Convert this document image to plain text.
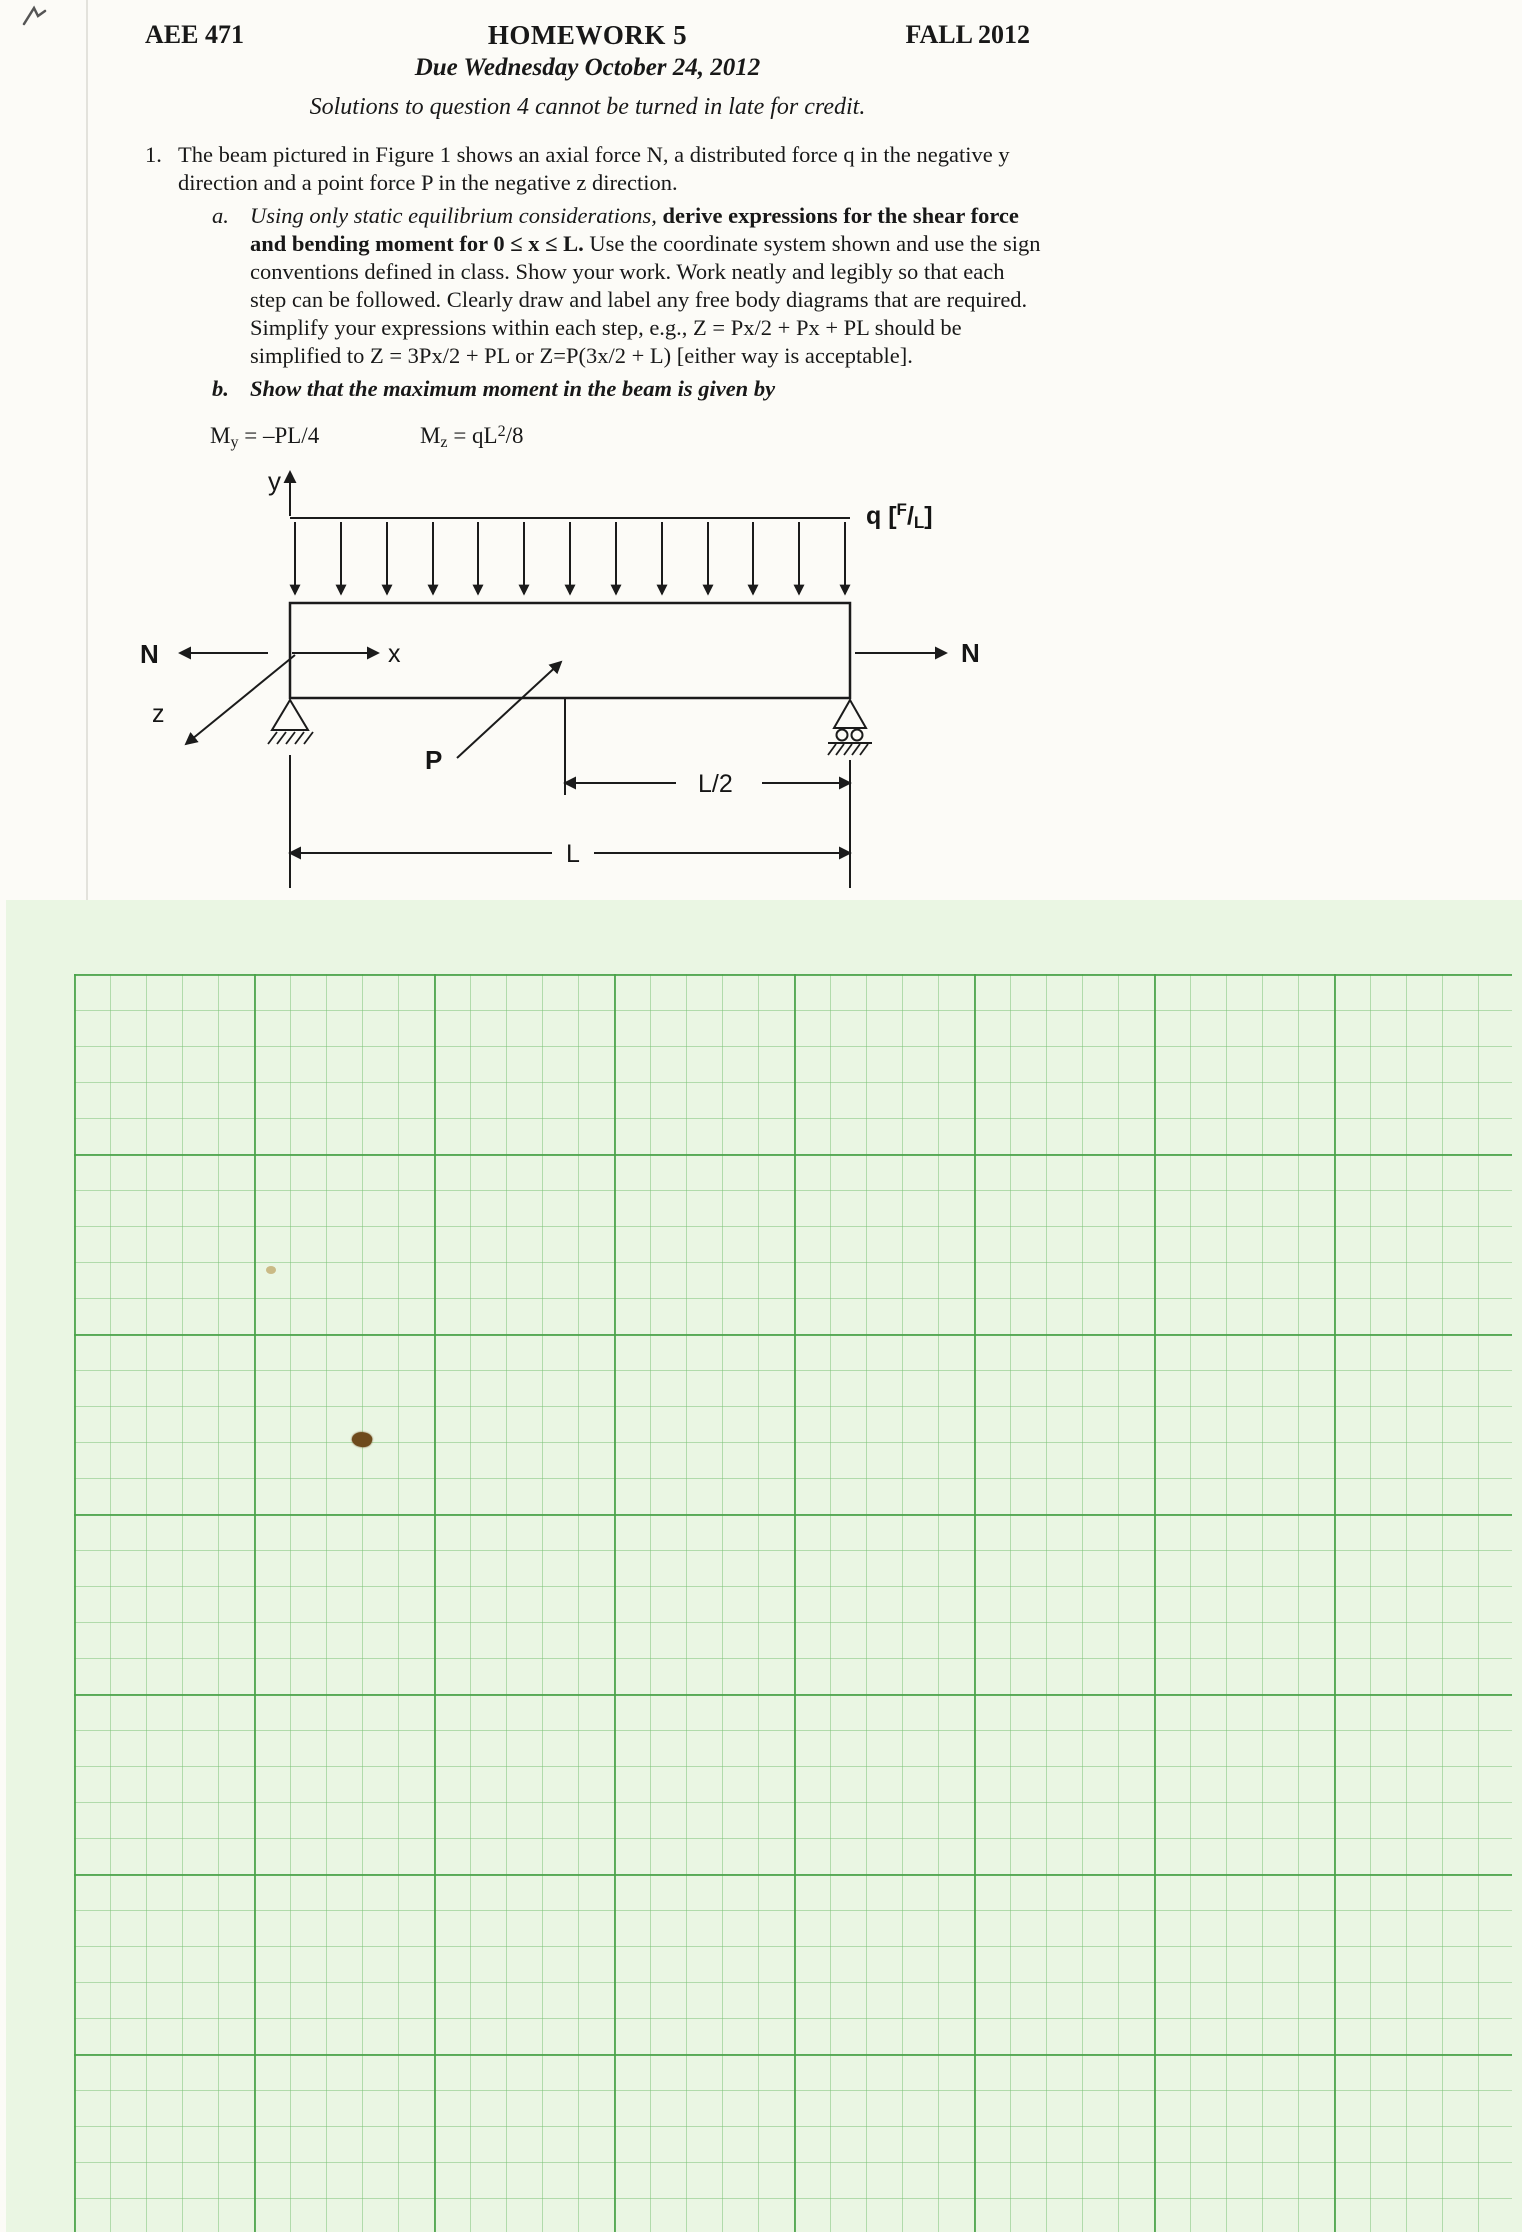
AEE 471	HOMEWORK 5	FALL 2012
Due Wednesday October 24, 2012
Solutions to question 4 cannot be turned in late for credit.
1. The beam pictured in Figure 1 shows an axial force N, a distributed force q in the negative y direction and a point force P in the negative z direction.
a. Using only static equilibrium considerations, derive expressions for the shear force and bending moment for 0 ≤ x ≤ L. Use the coordinate system shown and use the sign conventions defined in class. Show your work. Work neatly and legibly so that each step can be followed. Clearly draw and label any free body diagrams that are required. Simplify your expressions within each step, e.g., Z = Px/2 + Px + PL should be simplified to Z = 3Px/2 + PL or Z=P(3x/2 + L) [either way is acceptable].
b. Show that the maximum moment in the beam is given by
$M_y = -PL/4$	$M_z = qL^2/8$
y
N	x
z
P
N
L/2
L
q [$^F$/L]
